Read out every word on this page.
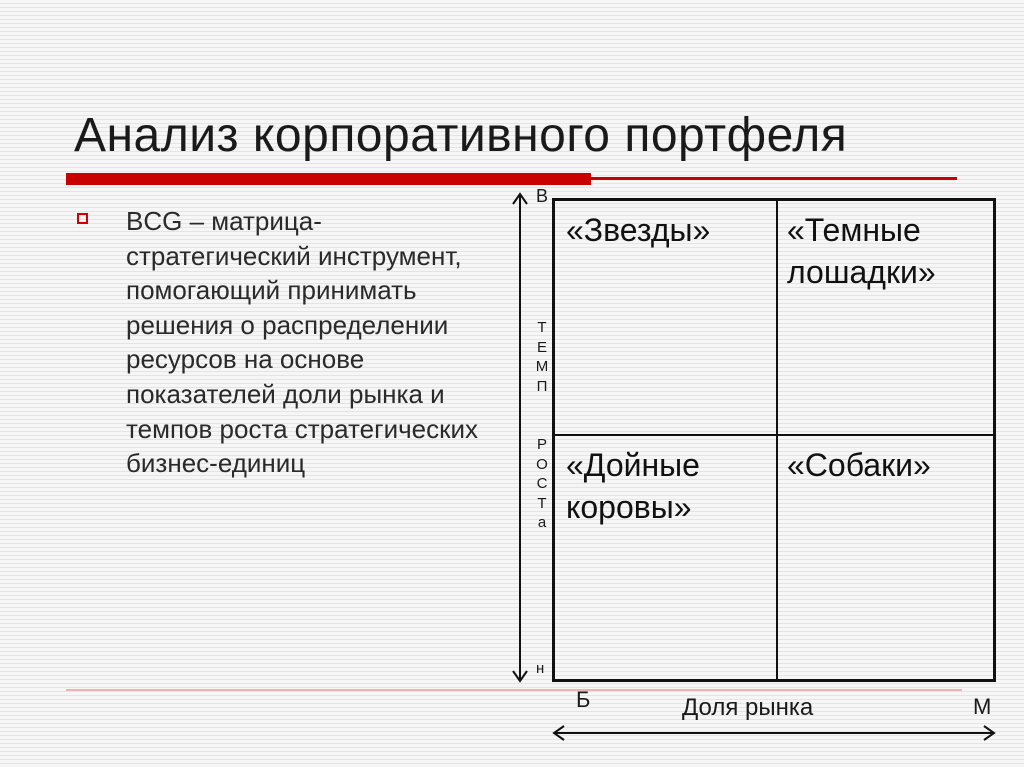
Анализ корпоративного портфеля
BCG – матрица-стратегический инструмент, помогающий принимать решения о распределении ресурсов на основе показателей доли рынка и темпов роста стратегических бизнес-единиц
В
Т
Е
М
П
Р
О
С
Т
а
н
«Звезды» «Темные
лошадки»
«Дойные
коровы»
«Собаки»
Б	Доля рынка	М
